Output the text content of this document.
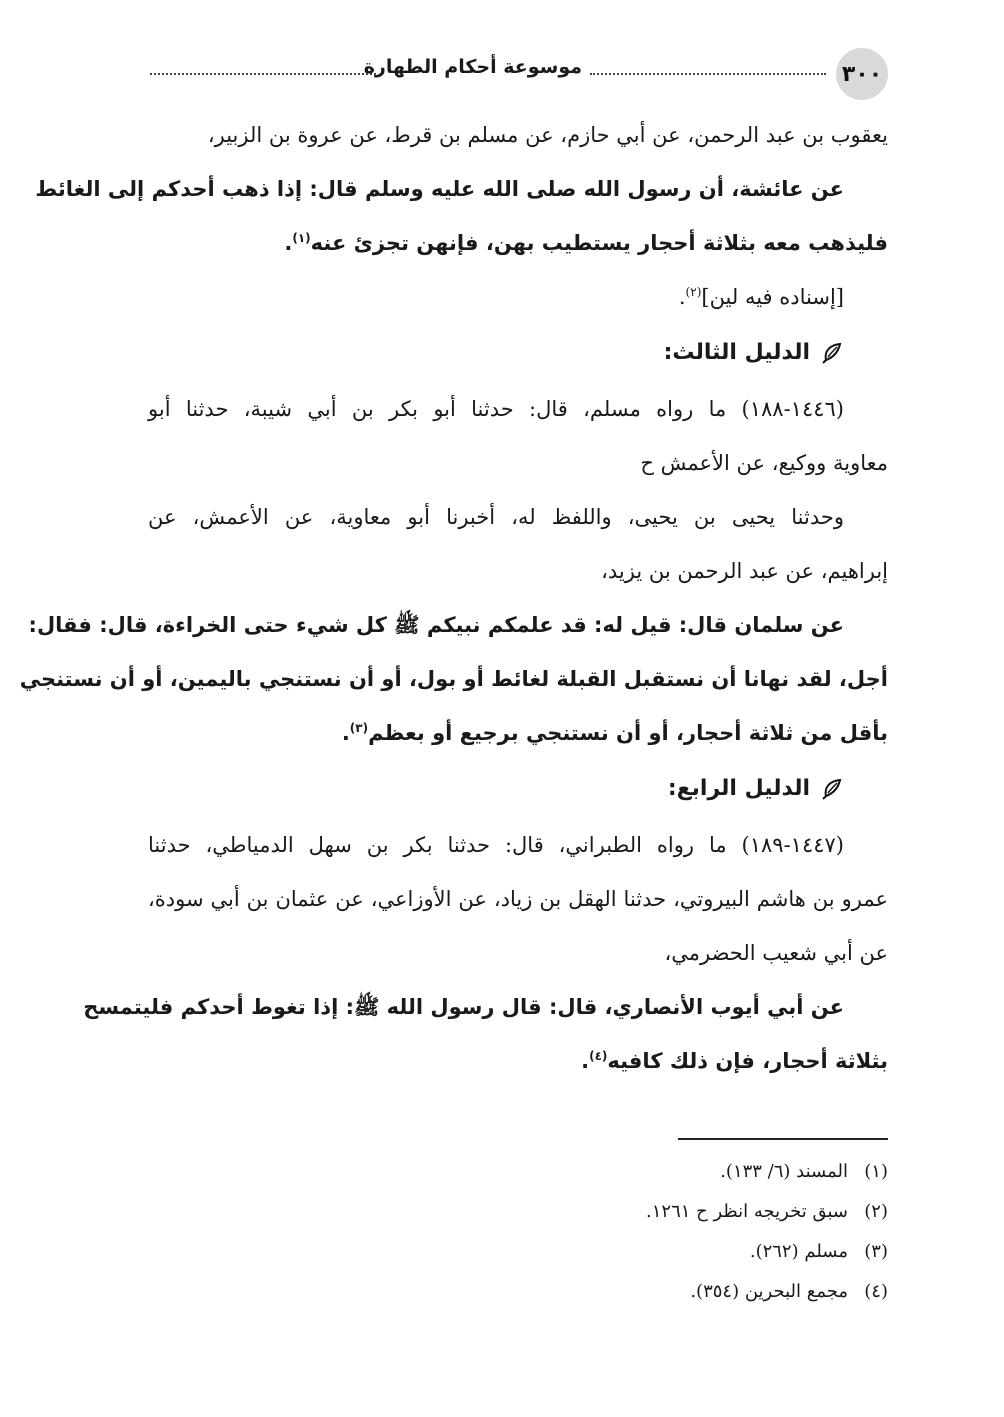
٣٠٠
موسوعة أحكام الطهارة
يعقوب بن عبد الرحمن، عن أبي حازم، عن مسلم بن قرط، عن عروة بن الزبير،
عن عائشة، أن رسول الله صلى الله عليه وسلم قال: إذا ذهب أحدكم إلى الغائط
فليذهب معه بثلاثة أحجار يستطيب بهن، فإنهن تجزئ عنه$^{(١)}$.
[إسناده فيه لين]$^{(٢)}$.
الدليل الثالث:
(١٤٤٦-١٨٨) ما رواه مسلم، قال: حدثنا أبو بكر بن أبي شيبة، حدثنا أبو
معاوية ووكيع، عن الأعمش ح
وحدثنا يحيى بن يحيى، واللفظ له، أخبرنا أبو معاوية، عن الأعمش، عن
إبراهيم، عن عبد الرحمن بن يزيد،
عن سلمان قال: قيل له: قد علمكم نبيكم ﷺ كل شيء حتى الخراءة، قال: فقال:
أجل، لقد نهانا أن نستقبل القبلة لغائط أو بول، أو أن نستنجي باليمين، أو أن نستنجي
بأقل من ثلاثة أحجار، أو أن نستنجي برجيع أو بعظم$^{(٣)}$.
الدليل الرابع:
(١٤٤٧-١٨٩) ما رواه الطبراني، قال: حدثنا بكر بن سهل الدمياطي، حدثنا
عمرو بن هاشم البيروتي، حدثنا الهقل بن زياد، عن الأوزاعي، عن عثمان بن أبي سودة،
عن أبي شعيب الحضرمي،
عن أبي أيوب الأنصاري، قال: قال رسول الله ﷺ: إذا تغوط أحدكم فليتمسح
بثلاثة أحجار، فإن ذلك كافيه$^{(٤)}$.
(١)المسند (٦/ ١٣٣).
(٢)سبق تخريجه انظر ح ١٢٦١.
(٣)مسلم (٢٦٢).
(٤)مجمع البحرين (٣٥٤).
